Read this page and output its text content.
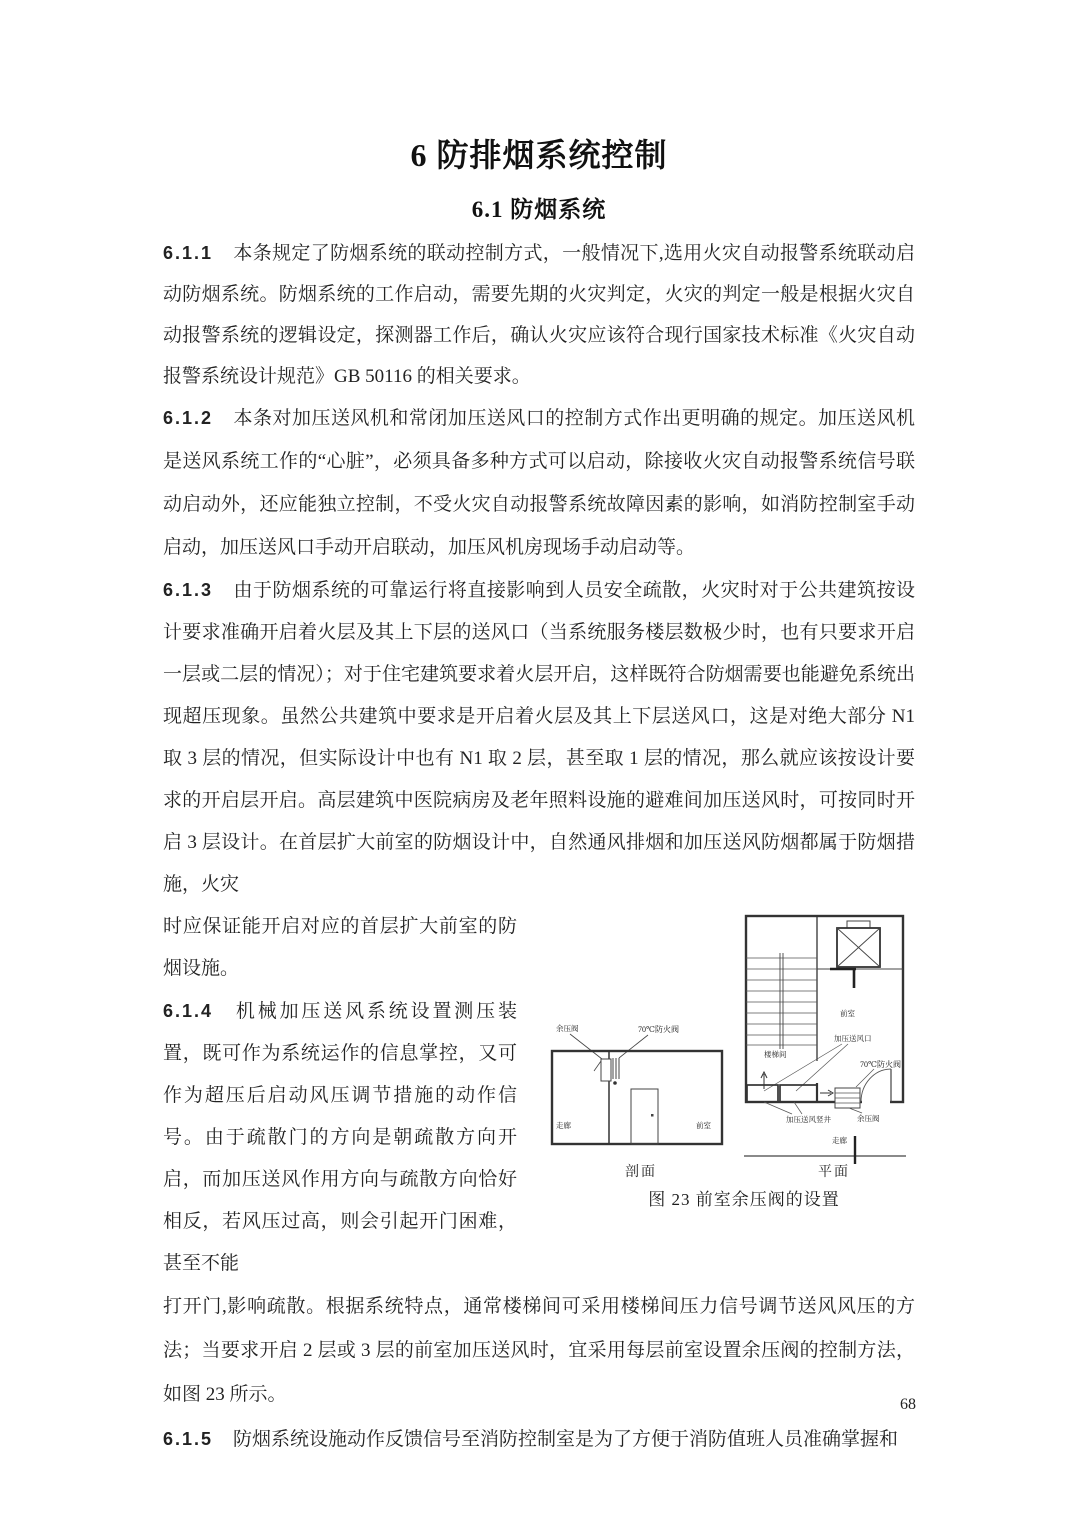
6 防排烟系统控制
6.1 防烟系统

6.1.1 本条规定了防烟系统的联动控制方式，一般情况下,选用火灾自动报警系统联动启动防烟系统。防烟系统的工作启动，需要先期的火灾判定，火灾的判定一般是根据火灾自动报警系统的逻辑设定，探测器工作后，确认火灾应该符合现行国家技术标准《火灾自动报警系统设计规范》GB 50116 的相关要求。

6.1.2 本条对加压送风机和常闭加压送风口的控制方式作出更明确的规定。加压送风机是送风系统工作的“心脏”，必须具备多种方式可以启动，除接收火灾自动报警系统信号联动启动外，还应能独立控制，不受火灾自动报警系统故障因素的影响，如消防控制室手动启动，加压送风口手动开启联动，加压风机房现场手动启动等。

6.1.3 由于防烟系统的可靠运行将直接影响到人员安全疏散，火灾时对于公共建筑按设计要求准确开启着火层及其上下层的送风口（当系统服务楼层数极少时，也有只要求开启一层或二层的情况）；对于住宅建筑要求着火层开启，这样既符合防烟需要也能避免系统出现超压现象。虽然公共建筑中要求是开启着火层及其上下层送风口，这是对绝大部分 N1 取 3 层的情况，但实际设计中也有 N1 取 2 层，甚至取 1 层的情况，那么就应该按设计要求的开启层开启。高层建筑中医院病房及老年照料设施的避难间加压送风时，可按同时开启 3 层设计。在首层扩大前室的防烟设计中，自然通风排烟和加压送风防烟都属于防烟措施，火灾

时应保证能开启对应的首层扩大前室的防烟设施。

6.1.4 机械加压送风系统设置测压装置，既可作为系统运作的信息掌控，又可作为超压后启动风压调节措施的动作信号。由于疏散门的方向是朝疏散方向开启，而加压送风作用方向与疏散方向恰好相反，若风压过高，则会引起开门困难，甚至不能

余压阀	70℃防火阀
走廊	前室
前室
加压送风口
楼梯间
70℃防火阀
加压送风竖井	余压阀
走廊
剖面	平面
图 23 前室余压阀的设置

打开门,影响疏散。根据系统特点，通常楼梯间可采用楼梯间压力信号调节送风风压的方法；当要求开启 2 层或 3 层的前室加压送风时，宜采用每层前室设置余压阀的控制方法，如图 23 所示。

6.1.5 防烟系统设施动作反馈信号至消防控制室是为了方便于消防值班人员准确掌握和

68
